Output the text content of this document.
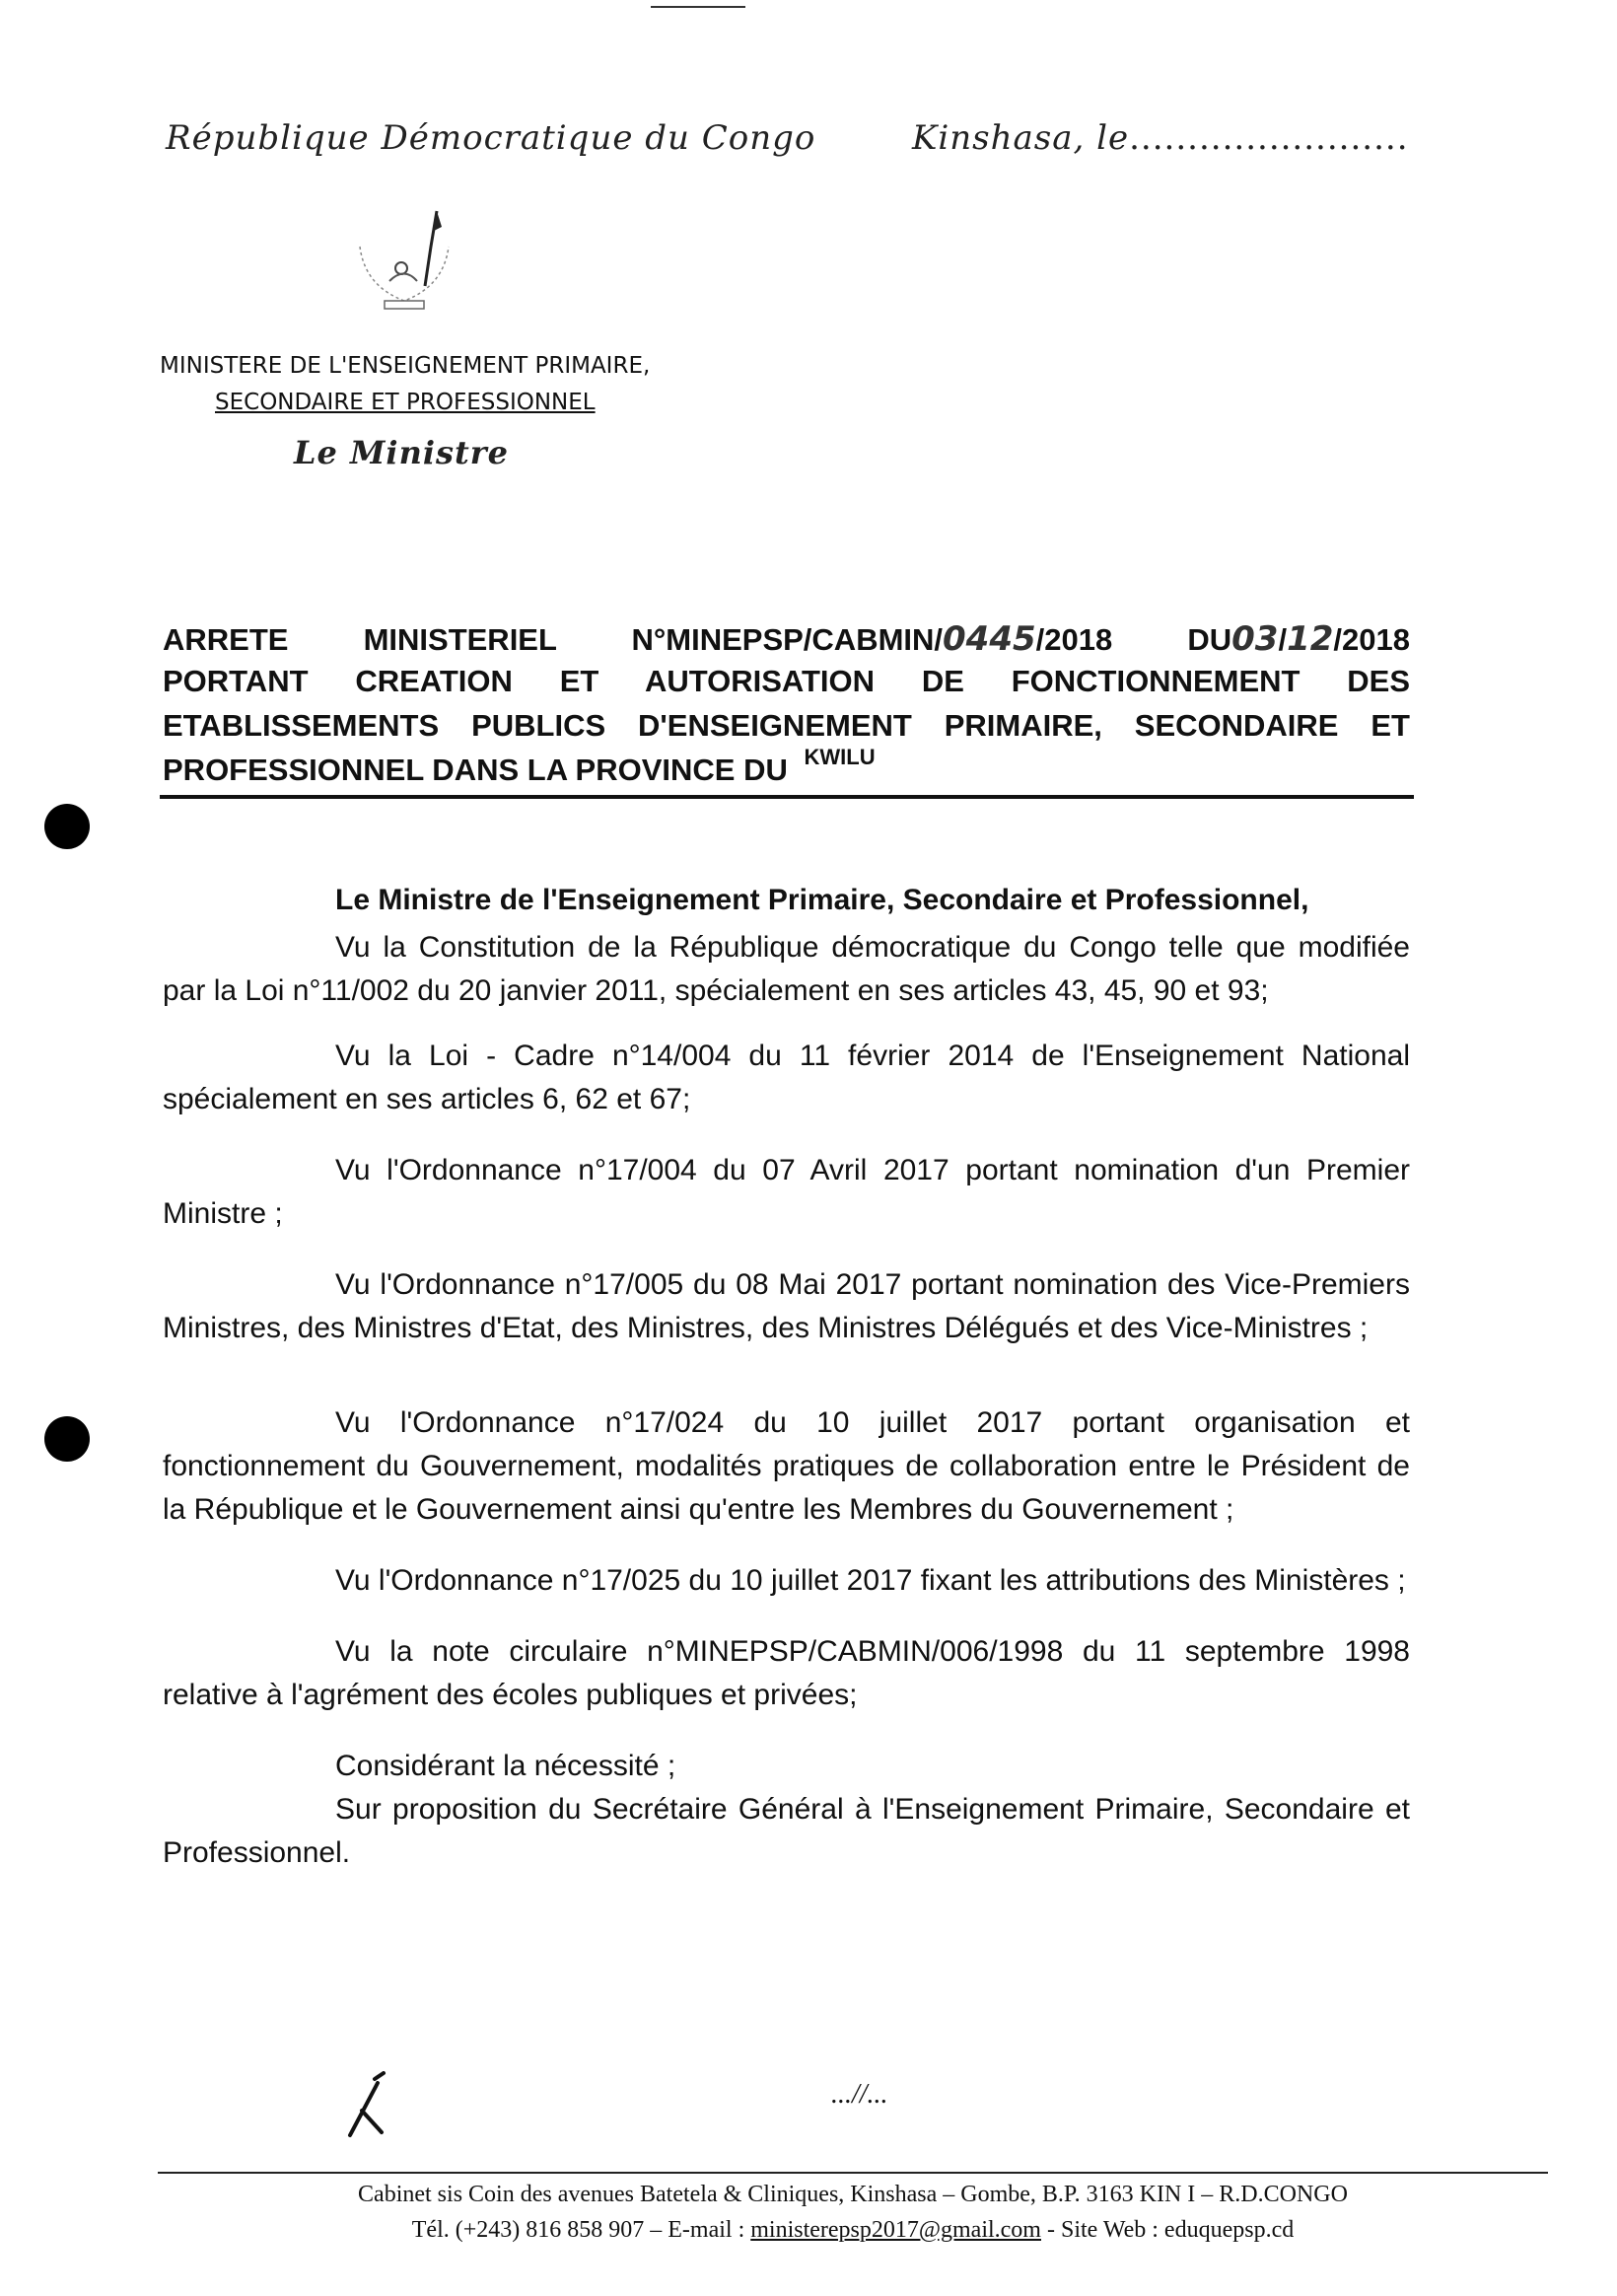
République Démocratique du Congo	Kinshasa, le........................
MINISTERE DE L'ENSEIGNEMENT PRIMAIRE,
SECONDAIRE ET PROFESSIONNEL
Le Ministre
ARRETE MINISTERIEL N°MINEPSP/CABMIN/0445/2018 DU03/12/2018
PORTANT CREATION ET AUTORISATION DE FONCTIONNEMENT DES
ETABLISSEMENTS PUBLICS D'ENSEIGNEMENT PRIMAIRE, SECONDAIRE ET
PROFESSIONNEL DANS LA PROVINCE DU $^{KWILU}$

Le Ministre de l'Enseignement Primaire, Secondaire et Professionnel,

Vu la Constitution de la République démocratique du Congo telle que modifiée par la Loi n°11/002 du 20 janvier 2011, spécialement en ses articles 43, 45, 90 et 93;

Vu la Loi - Cadre n°14/004 du 11 février 2014 de l'Enseignement National spécialement en ses articles 6, 62 et 67;

Vu l'Ordonnance n°17/004 du 07 Avril 2017 portant nomination d'un Premier Ministre ;

Vu l'Ordonnance n°17/005 du 08 Mai 2017 portant nomination des Vice-Premiers Ministres, des Ministres d'Etat, des Ministres, des Ministres Délégués et des Vice-Ministres ;

Vu l'Ordonnance n°17/024 du 10 juillet 2017 portant organisation et fonctionnement du Gouvernement, modalités pratiques de collaboration entre le Président de la République et le Gouvernement ainsi qu'entre les Membres du Gouvernement ;

Vu l'Ordonnance n°17/025 du 10 juillet 2017 fixant les attributions des Ministères ;

Vu la note circulaire n°MINEPSP/CABMIN/006/1998 du 11 septembre 1998 relative à l'agrément des écoles publiques et privées;

Considérant la nécessité ;

Sur proposition du Secrétaire Général à l'Enseignement Primaire, Secondaire et Professionnel.

...//...
Cabinet sis Coin des avenues Batetela & Cliniques, Kinshasa – Gombe, B.P. 3163 KIN I – R.D.CONGO
Tél. (+243) 816 858 907 – E-mail : ministerepsp2017@gmail.com - Site Web : eduquepsp.cd
